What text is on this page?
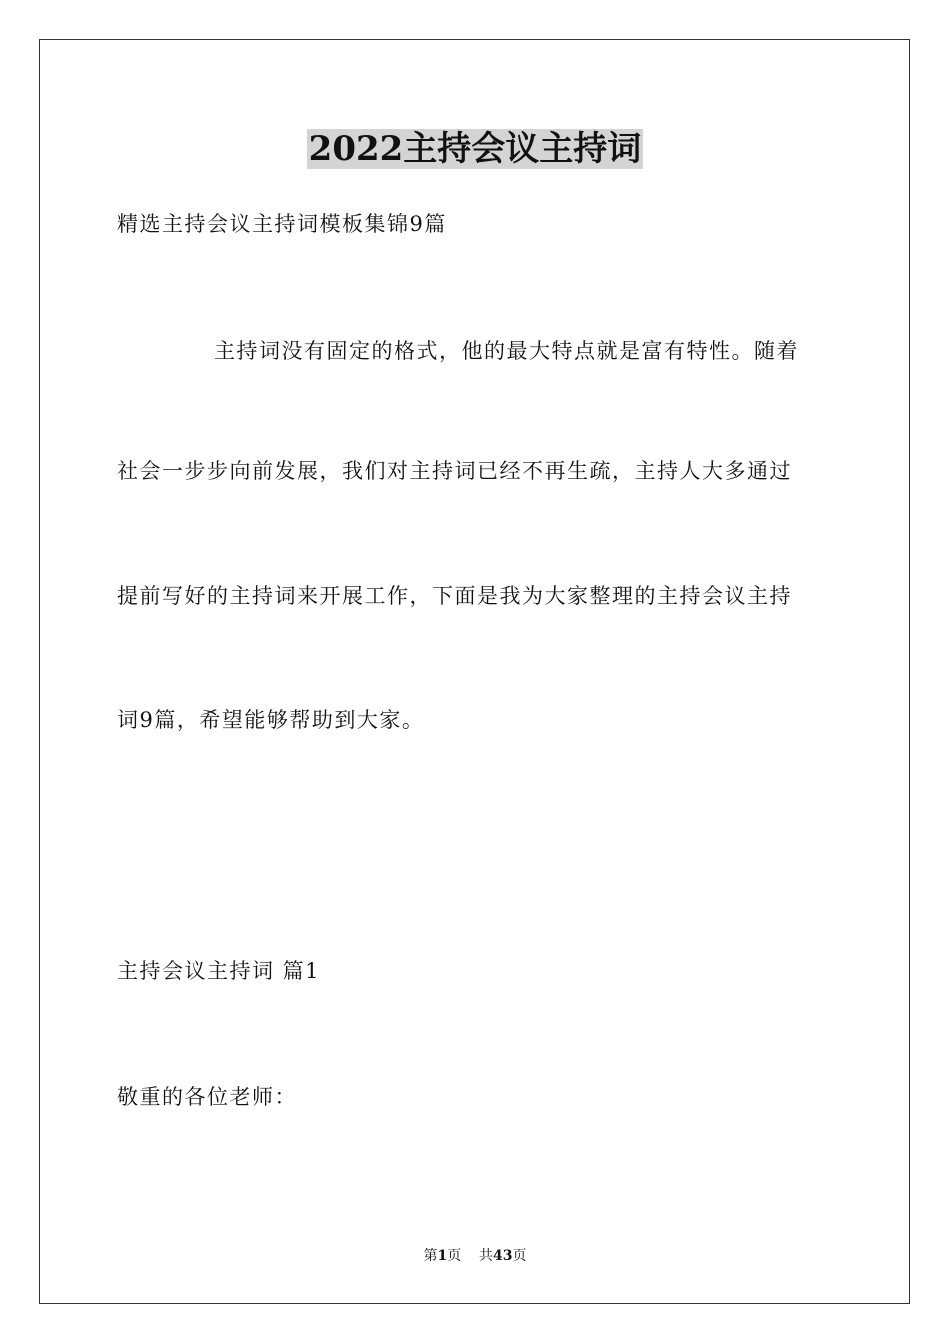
2022主持会议主持词
精选主持会议主持词模板集锦9篇
主持词没有固定的格式，他的最大特点就是富有特性。随着
社会一步步向前发展，我们对主持词已经不再生疏，主持人大多通过
提前写好的主持词来开展工作，下面是我为大家整理的主持会议主持
词9篇，希望能够帮助到大家。
主持会议主持词 篇1
敬重的各位老师：
第1页 共43页
